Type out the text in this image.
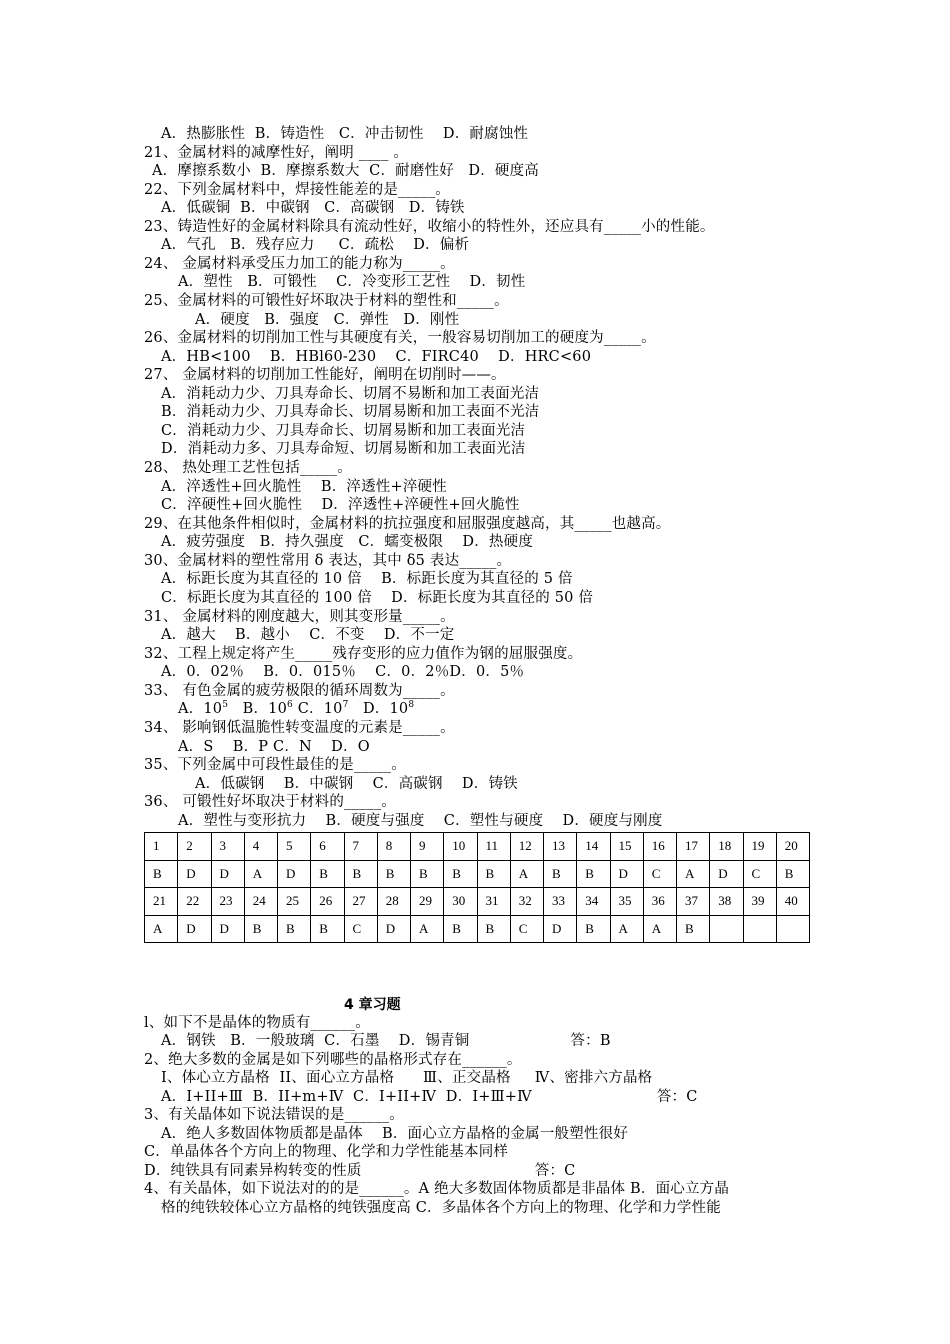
A．热膨胀性  B．铸造性   C．冲击韧性    D．耐腐蚀性
21、金属材料的减摩性好，阐明 ____ 。
A．摩擦系数小  B．摩擦系数大  C．耐磨性好   D．硬度高
22、下列金属材料中，焊接性能差的是_____。
A．低碳铜  B．中碳钢   C．高碳钢   D．铸铁
23、铸造性好的金属材料除具有流动性好，收缩小的特性外，还应具有_____小的性能。
A．气孔   B．残存应力     C．疏松    D．偏析
24、 金属材料承受压力加工的能力称为_____。
A．塑性   B．可锻性    C．冷变形工艺性    D．韧性
25、金属材料的可锻性好坏取决于材料的塑性和_____。
A．硬度   B．强度   C．弹性   D．刚性
26、金属材料的切削加工性与其硬度有关，一般容易切削加工的硬度为_____。
A．HB<100    B．HBl60-230    C．FIRC40    D．HRC<60
27、 金属材料的切削加工性能好，阐明在切削时——。
A．消耗动力少、刀具寿命长、切屑不易断和加工表面光洁
B．消耗动力少、刀具寿命长、切屑易断和加工表面不光洁
C．消耗动力少、刀具寿命长、切屑易断和加工表面光洁
D．消耗动力多、刀具寿命短、切屑易断和加工表面光洁
28、 热处理工艺性包括_____。
A．淬透性+回火脆性    B．淬透性+淬硬性
C．淬硬性+回火脆性    D．淬透性+淬硬性+回火脆性
29、在其他条件相似时，金属材料的抗拉强度和屈服强度越高，其_____也越高。
A．疲劳强度   B．持久强度   C．蠕变极限    D．热硬度
30、金属材料的塑性常用 δ 表达，其中 δ5 表达_____。
A．标距长度为其直径的 10 倍    B．标距长度为其直径的 5 倍
C．标距长度为其直径的 100 倍    D．标距长度为其直径的 50 倍
31、 金属材料的刚度越大，则其变形量_____。
A．越大    B．越小    C．不变    D．不一定
32、工程上规定将产生_____残存变形的应力值作为钢的屈服强度。
A．0．02％    B．0．015％    C．0．2％D．0．5％
33、 有色金属的疲劳极限的循环周数为_____。
A．$10^5$   B．$10^6$ C．$10^7$   D．$10^8$
34、 影响钢低温脆性转变温度的元素是_____。
A．S    B．P C．N    D．O
35、下列金属中可段性最佳的是_____。
A．低碳钢    B．中碳钢    C．高碳钢    D．铸铁
36、 可锻性好坏取决于材料的_____。
A．塑性与变形抗力    B．硬度与强度    C．塑性与硬度    D．硬度与刚度
1	2	3	4	5	6	7	8	9	10	11	12	13	14	15	16	17	18	19	20
B	D	D	A	D	B	B	B	B	B	B	A	B	B	D	C	A	D	C	B
21	22	23	24	25	26	27	28	29	30	31	32	33	34	35	36	37	38	39	40
A	D	D	B	B	B	C	D	A	B	B	C	D	B	A	A	B			
4 章习题
l、如下不是晶体的物质有______。
A．钢铁   B．一般玻璃  C．石墨    D．锡青铜                     答：B
2、绝大多数的金属是如下列哪些的晶格形式存在______。
I、体心立方晶格  II、面心立方晶格      Ⅲ、正交晶格     Ⅳ、密排六方晶格
A．I+II+Ⅲ  B．II+m+Ⅳ  C．I+II+Ⅳ  D．I+Ⅲ+Ⅳ                          答：C
3、有关晶体如下说法错误的是______。
A．绝人多数固体物质都是晶体    B．面心立方晶格的金属一般塑性很好
C．单晶体各个方向上的物理、化学和力学性能基本同样
D．纯铁具有同素异构转变的性质                                    答：C
4、有关晶体，如下说法对的的是______。A 绝大多数固体物质都是非晶体 B．面心立方晶
格的纯铁较体心立方晶格的纯铁强度高 C．多晶体各个方向上的物理、化学和力学性能
